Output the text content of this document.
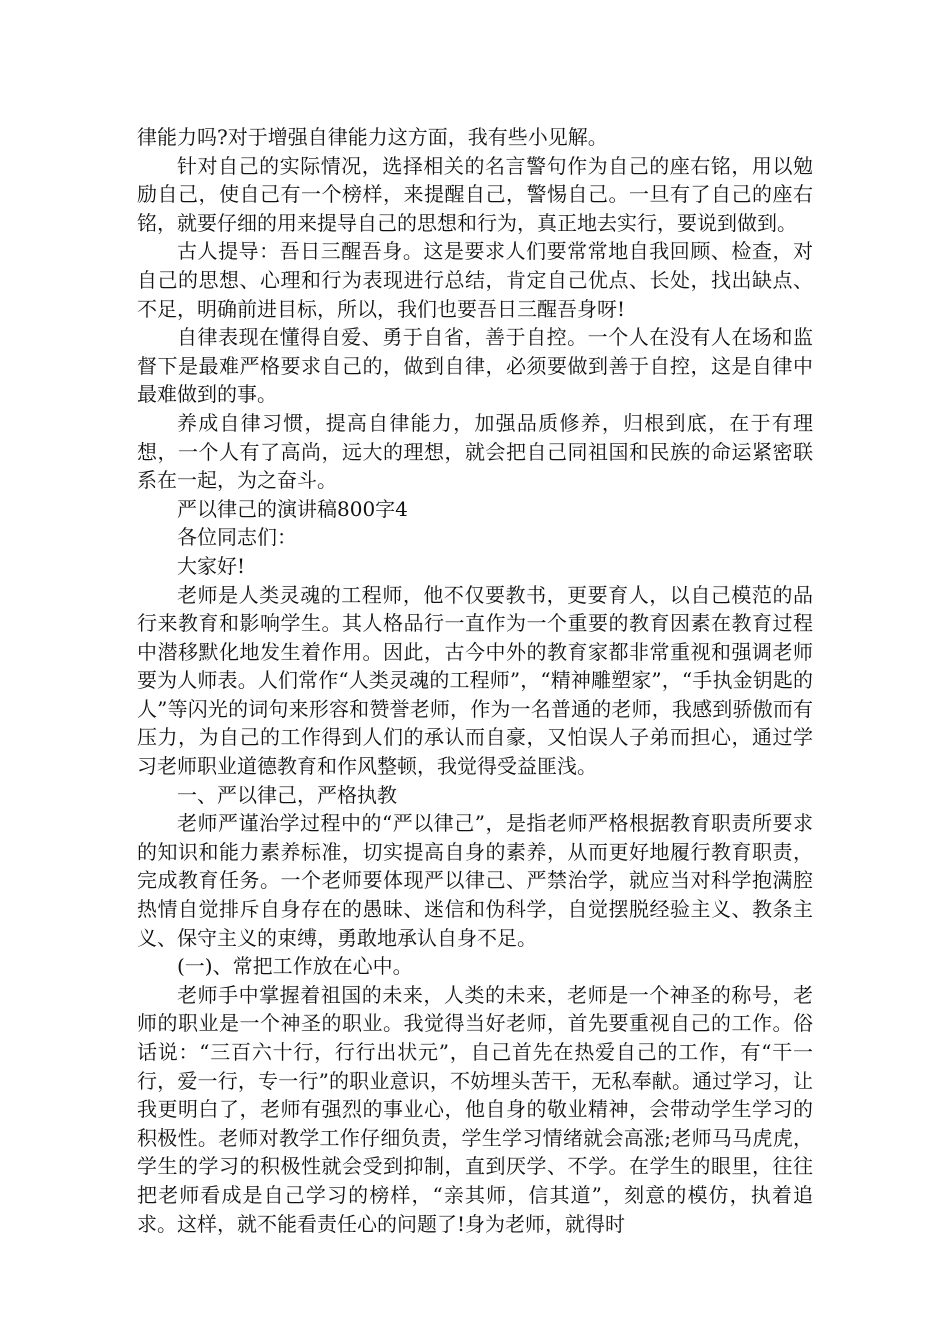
律能力吗?对于增强自律能力这方面，我有些小见解。

针对自己的实际情况，选择相关的名言警句作为自己的座右铭，用以勉励自己，使自己有一个榜样，来提醒自己，警惕自己。一旦有了自己的座右铭，就要仔细的用来提导自己的思想和行为，真正地去实行，要说到做到。

古人提导：吾日三醒吾身。这是要求人们要常常地自我回顾、检查，对自己的思想、心理和行为表现进行总结，肯定自己优点、长处，找出缺点、不足，明确前进目标，所以，我们也要吾日三醒吾身呀!

自律表现在懂得自爱、勇于自省，善于自控。一个人在没有人在场和监督下是最难严格要求自己的，做到自律，必须要做到善于自控，这是自律中最难做到的事。

养成自律习惯，提高自律能力，加强品质修养，归根到底，在于有理想，一个人有了高尚，远大的理想，就会把自己同祖国和民族的命运紧密联系在一起，为之奋斗。

严以律己的演讲稿800字4

各位同志们：

大家好!

老师是人类灵魂的工程师，他不仅要教书，更要育人，以自己模范的品行来教育和影响学生。其人格品行一直作为一个重要的教育因素在教育过程中潜移默化地发生着作用。因此，古今中外的教育家都非常重视和强调老师要为人师表。人们常作“人类灵魂的工程师”，“精神雕塑家”，“手执金钥匙的人”等闪光的词句来形容和赞誉老师，作为一名普通的老师，我感到骄傲而有压力，为自己的工作得到人们的承认而自豪，又怕误人子弟而担心，通过学习老师职业道德教育和作风整顿，我觉得受益匪浅。

一、严以律己，严格执教

老师严谨治学过程中的“严以律己”，是指老师严格根据教育职责所要求的知识和能力素养标准，切实提高自身的素养，从而更好地履行教育职责，完成教育任务。一个老师要体现严以律己、严禁治学，就应当对科学抱满腔热情自觉排斥自身存在的愚昧、迷信和伪科学，自觉摆脱经验主义、教条主义、保守主义的束缚，勇敢地承认自身不足。

(一)、常把工作放在心中。

老师手中掌握着祖国的未来，人类的未来，老师是一个神圣的称号，老师的职业是一个神圣的职业。我觉得当好老师，首先要重视自己的工作。俗话说：“三百六十行，行行出状元”，自己首先在热爱自己的工作，有“干一行，爱一行，专一行”的职业意识，不妨埋头苦干，无私奉献。通过学习，让我更明白了，老师有强烈的事业心，他自身的敬业精神，会带动学生学习的积极性。老师对教学工作仔细负责，学生学习情绪就会高涨;老师马马虎虎，学生的学习的积极性就会受到抑制，直到厌学、不学。在学生的眼里，往往把老师看成是自己学习的榜样，“亲其师，信其道”，刻意的模仿，执着追求。这样，就不能看责任心的问题了!身为老师，就得时
